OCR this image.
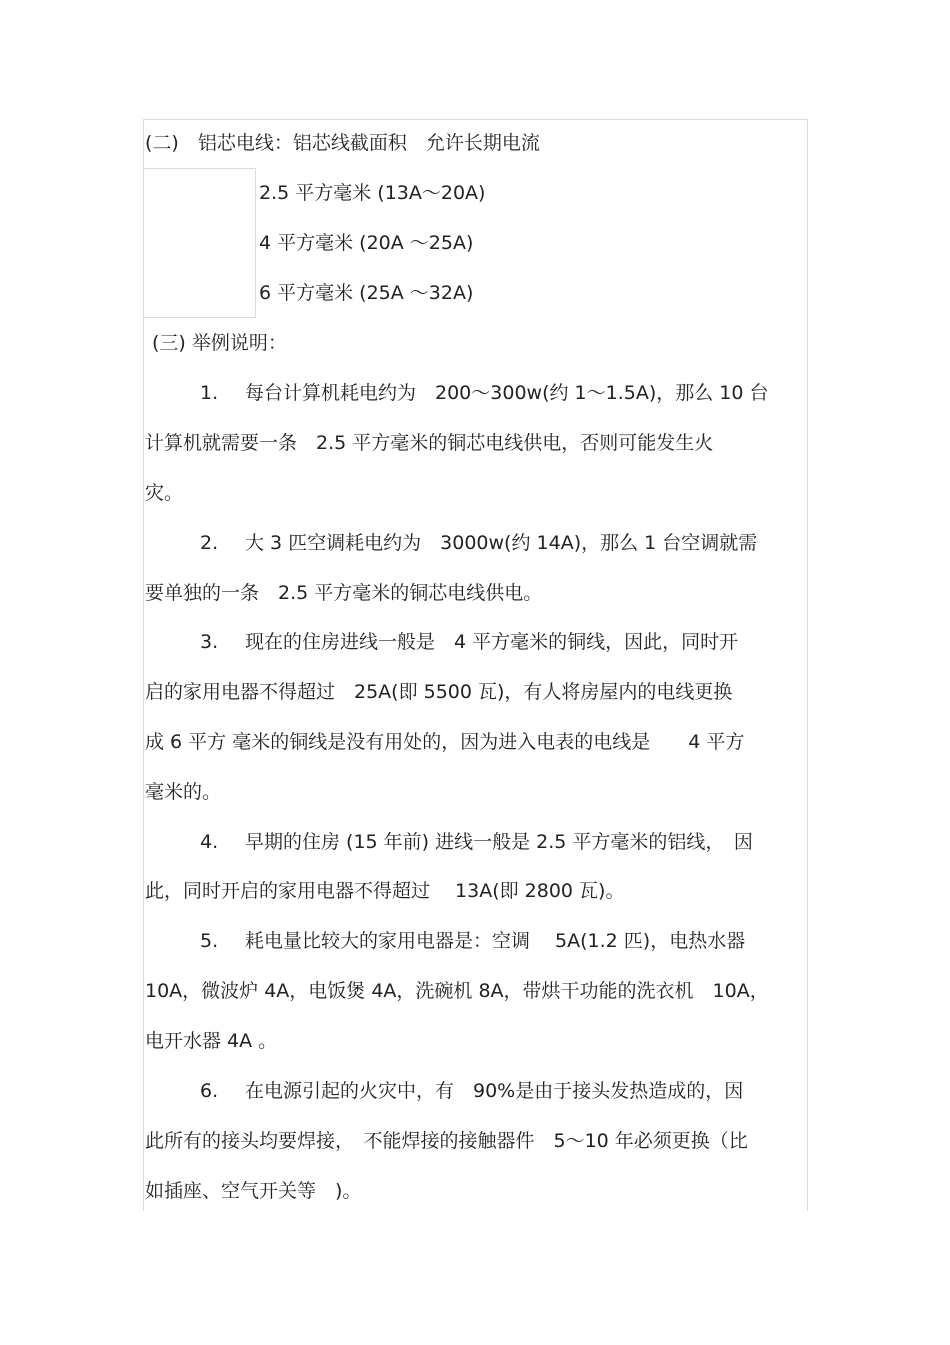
(二)　铝芯电线：铝芯线截面积　允许长期电流
2.5 平方毫米 (13A～20A)
4 平方毫米 (20A ～25A)
6 平方毫米 (25A ～32A)
(三) 举例说明：
1. 每台计算机耗电约为　200～300w(约 1～1.5A)，那么 10 台
计算机就需要一条　2.5 平方毫米的铜芯电线供电，否则可能发生火
灾。
2. 大 3 匹空调耗电约为　3000w(约 14A)，那么 1 台空调就需
要单独的一条　2.5 平方毫米的铜芯电线供电。
3. 现在的住房进线一般是　4 平方毫米的铜线，因此，同时开
启的家用电器不得超过　25A(即 5500 瓦)，有人将房屋内的电线更换
成 6 平方 毫米的铜线是没有用处的，因为进入电表的电线是　　4 平方
毫米的。
4. 早期的住房 (15 年前) 进线一般是 2.5 平方毫米的铝线，　因
此，同时开启的家用电器不得超过　 13A(即 2800 瓦)。
5. 耗电量比较大的家用电器是：空调　 5A(1.2 匹)，电热水器
10A，微波炉 4A，电饭煲 4A，洗碗机 8A，带烘干功能的洗衣机　10A，
电开水器 4A 。
6. 在电源引起的火灾中，有　90%是由于接头发热造成的，因
此所有的接头均要焊接，　不能焊接的接触器件　5～10 年必须更换（比
如插座、空气开关等　)。
